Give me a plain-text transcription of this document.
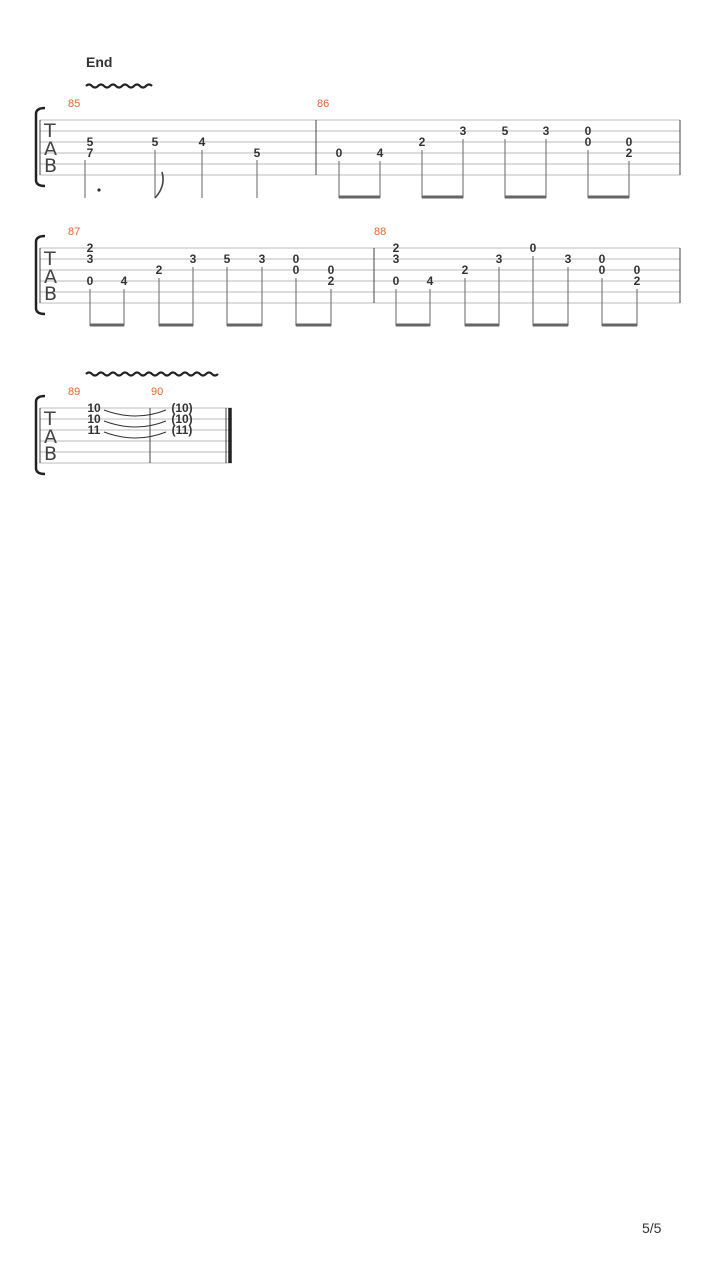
End
T
A
B
85	86
5
7
5	4
5	0	4
2
3	5	3	0
0	0
2
T
A
B
87	88
2
3
0 4
2
3 5 3 0
0 0
2
2
3
0 4
2
3
0
3 0
0 0
2
T
A
B
89	90
10
10
11
(10)
(10)
(11)
5/5
